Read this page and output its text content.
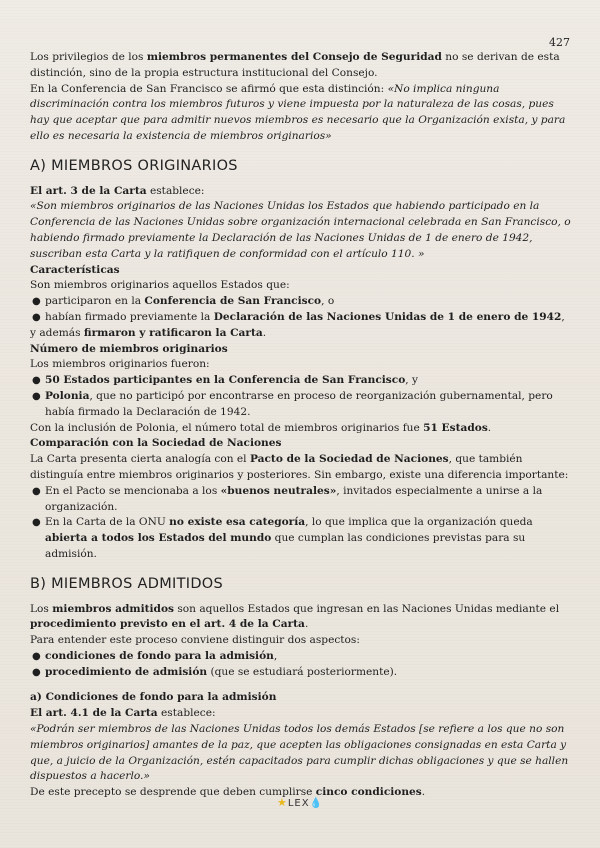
427

Los privilegios de los miembros permanentes del Consejo de Seguridad no se derivan de esta distinción, sino de la propia estructura institucional del Consejo.

En la Conferencia de San Francisco se afirmó que esta distinción: «No implica ninguna discriminación contra los miembros futuros y viene impuesta por la naturaleza de las cosas, pues hay que aceptar que para admitir nuevos miembros es necesario que la Organización exista, y para ello es necesaria la existencia de miembros originarios»

A) MIEMBROS ORIGINARIOS

El art. 3 de la Carta establece:

«Son miembros originarios de las Naciones Unidas los Estados que habiendo participado en la Conferencia de las Naciones Unidas sobre organización internacional celebrada en San Francisco, o habiendo firmado previamente la Declaración de las Naciones Unidas de 1 de enero de 1942, suscriban esta Carta y la ratifiquen de conformidad con el artículo 110. »

Características

Son miembros originarios aquellos Estados que:

● participaron en la Conferencia de San Francisco, o
● habían firmado previamente la Declaración de las Naciones Unidas de 1 de enero de 1942,

y además firmaron y ratificaron la Carta.

Número de miembros originarios

Los miembros originarios fueron:

● 50 Estados participantes en la Conferencia de San Francisco, y
● Polonia, que no participó por encontrarse en proceso de reorganización gubernamental, pero había firmado la Declaración de 1942.

Con la inclusión de Polonia, el número total de miembros originarios fue 51 Estados.

Comparación con la Sociedad de Naciones

La Carta presenta cierta analogía con el Pacto de la Sociedad de Naciones, que también distinguía entre miembros originarios y posteriores. Sin embargo, existe una diferencia importante:

● En el Pacto se mencionaba a los «buenos neutrales», invitados especialmente a unirse a la organización.
● En la Carta de la ONU no existe esa categoría, lo que implica que la organización queda abierta a todos los Estados del mundo que cumplan las condiciones previstas para su admisión.
B) MIEMBROS ADMITIDOS

Los miembros admitidos son aquellos Estados que ingresan en las Naciones Unidas mediante el procedimiento previsto en el art. 4 de la Carta.

Para entender este proceso conviene distinguir dos aspectos:

● condiciones de fondo para la admisión,
● procedimiento de admisión (que se estudiará posteriormente).

a) Condiciones de fondo para la admisión

El art. 4.1 de la Carta establece:

«Podrán ser miembros de las Naciones Unidas todos los demás Estados [se refiere a los que no son miembros originarios] amantes de la paz, que acepten las obligaciones consignadas en esta Carta y que, a juicio de la Organización, estén capacitados para cumplir dichas obligaciones y que se hallen dispuestos a hacerlo.»

De este precepto se desprende que deben cumplirse cinco condiciones.

★LEX💧
